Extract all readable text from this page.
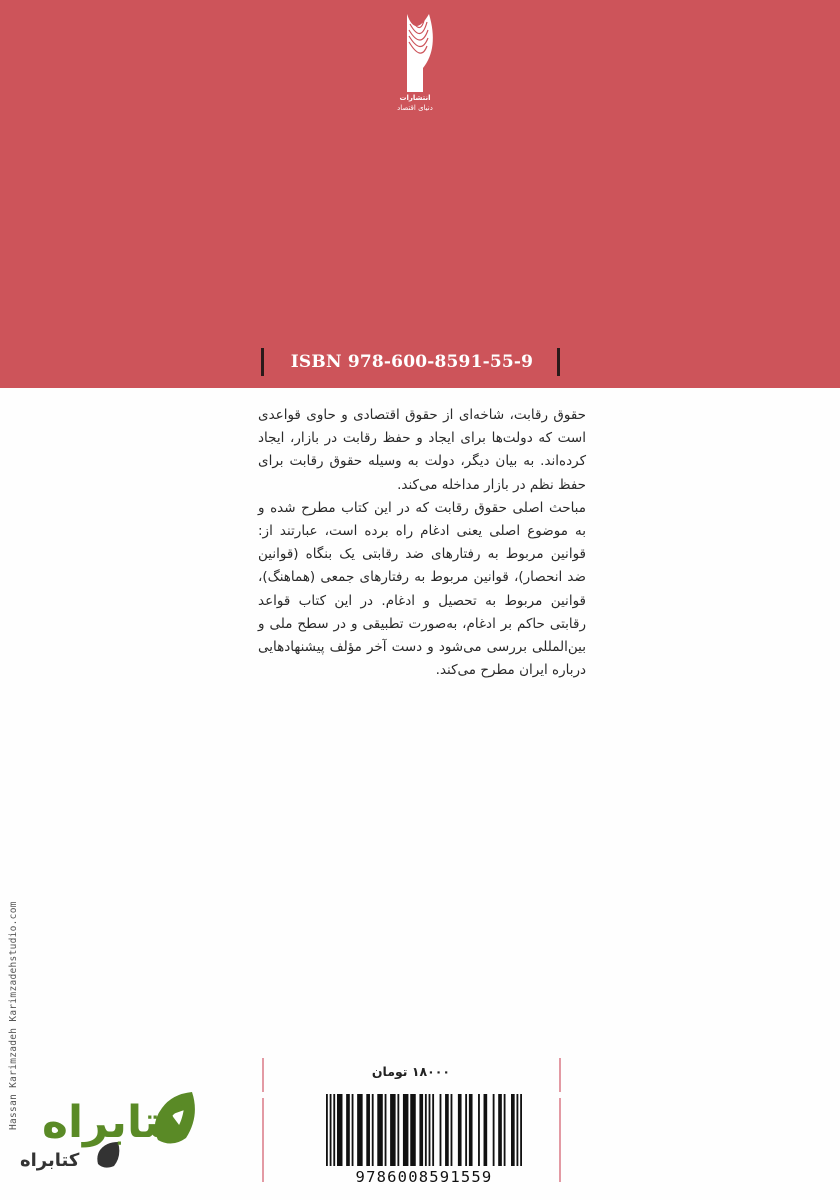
انتشارات
دنیای اقتصاد
ISBN 978-600-8591-55-9

حقوق رقابت، شاخه‌ای از حقوق اقتصادی و حاوی قواعدی است که دولت‌ها برای ایجاد و حفظ رقابت در بازار، ایجاد کرده‌اند. به بیان دیگر، دولت به وسیله حقوق رقابت برای حفظ نظم در بازار مداخله می‌کند.

مباحث اصلی حقوق رقابت که در این کتاب مطرح شده و به موضوع اصلی یعنی ادغام راه برده است، عبارتند از: قوانین مربوط به رفتارهای ضد رقابتی یک بنگاه (قوانین ضد انحصار)، قوانین مربوط به رفتارهای جمعی (هماهنگ)، قوانین مربوط به تحصیل و ادغام. در این کتاب قواعد رقابتی حاکم بر ادغام، به‌صورت تطبیقی و در سطح ملی و بین‌المللی بررسی می‌شود و دست آخر مؤلف پیشنهادهایی درباره ایران مطرح می‌کند.

Hassan Karimzadeh Karimzadehstudio.com	۱۸۰۰۰ تومان
9786008591559
کتابراه
کتابراه
